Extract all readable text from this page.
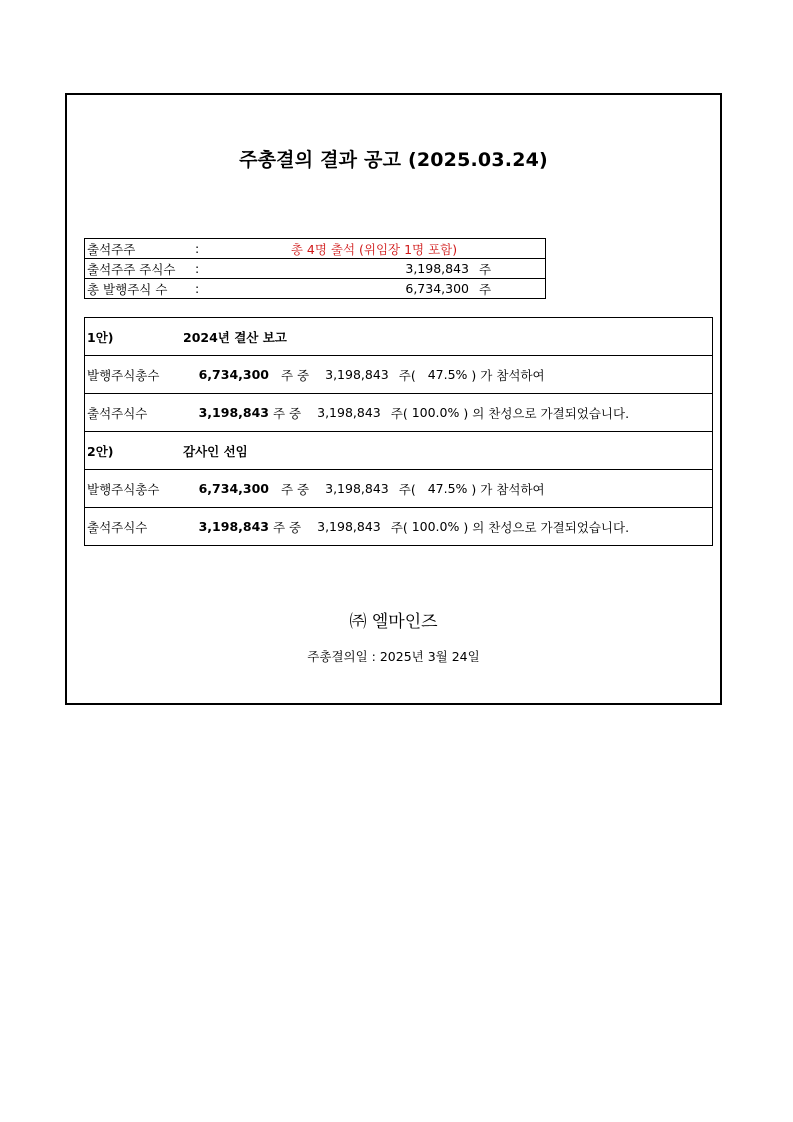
주총결의 결과 공고 (2025.03.24)
출석주주	:	총 4명 출석 (위임장 1명 포함)

출석주주 주식수	:	3,198,843 주

총 발행주식 수	:	6,734,300 주
1안)	2024년 결산 보고

발행주식총수	6,734,300 주 중 3,198,843 주( 47.5% ) 가 참석하여

출석주식수	3,198,843 주 중 3,198,843 주( 100.0% ) 의 찬성으로 가결되었습니다.

2안)	감사인 선임

발행주식총수	6,734,300 주 중 3,198,843 주( 47.5% ) 가 참석하여

출석주식수	3,198,843 주 중 3,198,843 주( 100.0% ) 의 찬성으로 가결되었습니다.
㈜ 엘마인즈
주총결의일 : 2025년 3월 24일
